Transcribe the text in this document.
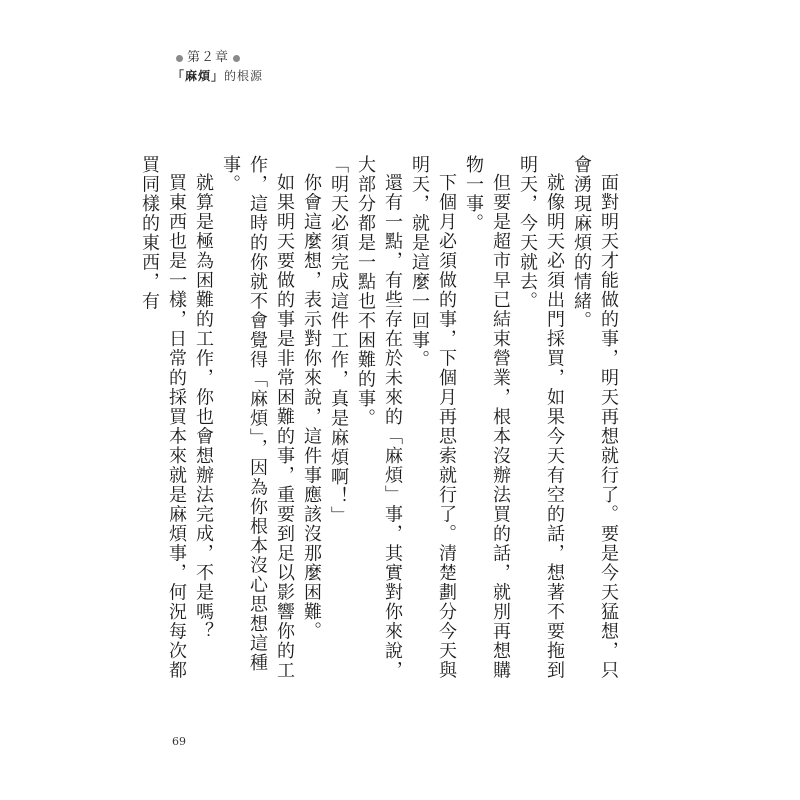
第２章
「麻煩」的根源

面對明天才能做的事，明天再想就行了。要是今天猛想，只會湧現麻煩的情緒。

就像明天必須出門採買，如果今天有空的話，想著不要拖到明天，今天就去。

但要是超市早已結束營業，根本沒辦法買的話，就別再想購物一事。

下個月必須做的事，下個月再思索就行了。清楚劃分今天與明天，就是這麼一回事。

還有一點，有些存在於未來的「麻煩」事，其實對你來說，大部分都是一點也不困難的事。

「明天必須完成這件工作，真是麻煩啊！」

你會這麼想，表示對你來說，這件事應該沒那麼困難。

如果明天要做的事是非常困難的事，重要到足以影響你的工作，這時的你就不會覺得「麻煩」，因為你根本沒心思想這種事。

就算是極為困難的工作，你也會想辦法完成，不是嗎？

買東西也是一樣，日常的採買本來就是麻煩事，何況每次都買同樣的東西，有

69
